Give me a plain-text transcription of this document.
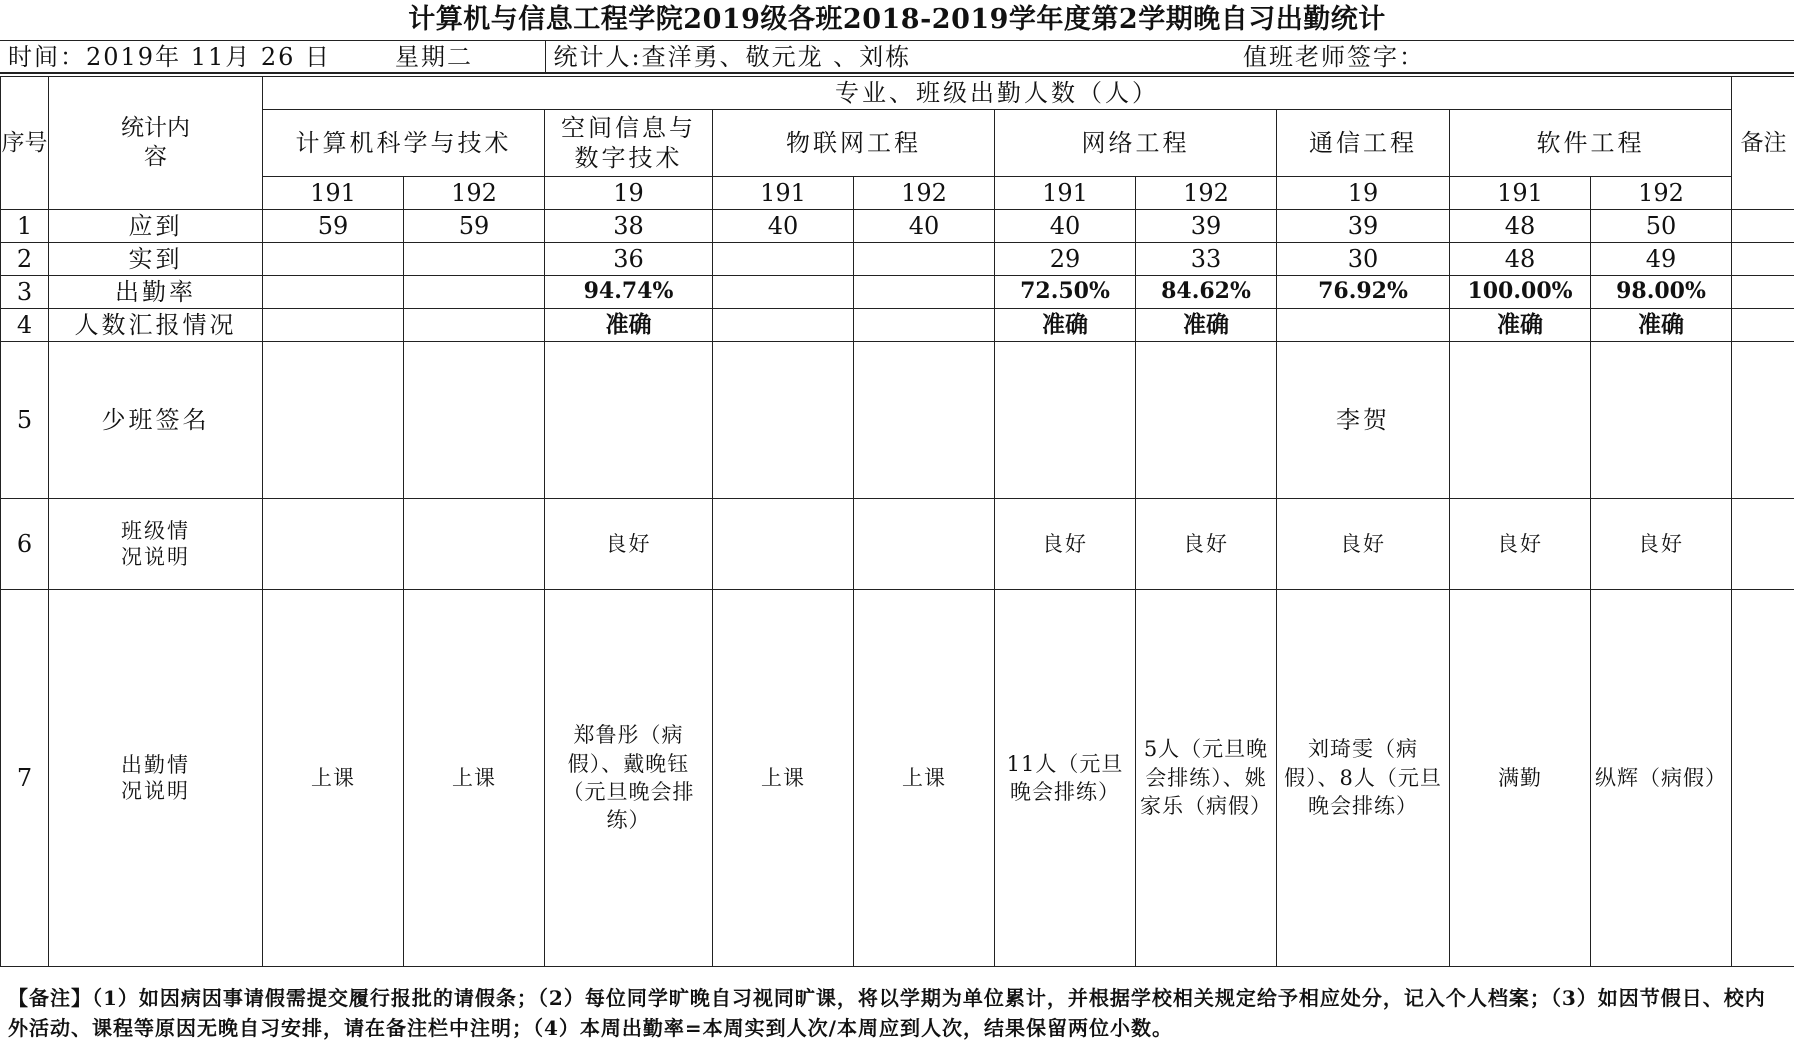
计算机与信息工程学院2019级各班2018-2019学年度第2学期晚自习出勤统计
时间：2019年 11月 26 日	星期二	统计人:查洋勇、敬元龙 、刘栋	值班老师签字：
序号	统计内容	专业、班级出勤人数（人）										备注
		计算机科学与技术		空间信息与数字技术	物联网工程		网络工程		通信工程	软件工程		
		191	192	19	191	192	191	192	19	191	192	
1	应到	59	59	38	40	40	40	39	39	48	50	
2	实到			36			29	33	30	48	49	
3	出勤率			94.74%			72.50%	84.62%	76.92%	100.00%	98.00%	
4	人数汇报情况			准确			准确	准确		准确	准确	
5	少班签名								李贺			
6	班级情况说明			良好			良好	良好	良好	良好	良好	
7	出勤情况说明	上课	上课	郑鲁彤（病假）、戴晚钰（元旦晚会排练）	上课	上课	11人（元旦晚会排练）	5人（元旦晚会排练）、姚家乐（病假）	刘琦雯（病假）、8人（元旦晚会排练）	满勤	纵辉（病假）	
【备注】（1）如因病因事请假需提交履行报批的请假条；（2）每位同学旷晚自习视同旷课，将以学期为单位累计，并根据学校相关规定给予相应处分，记入个人档案；（3）如因节假日、校内外活动、课程等原因无晚自习安排，请在备注栏中注明；（4）本周出勤率=本周实到人次/本周应到人次，结果保留两位小数。
